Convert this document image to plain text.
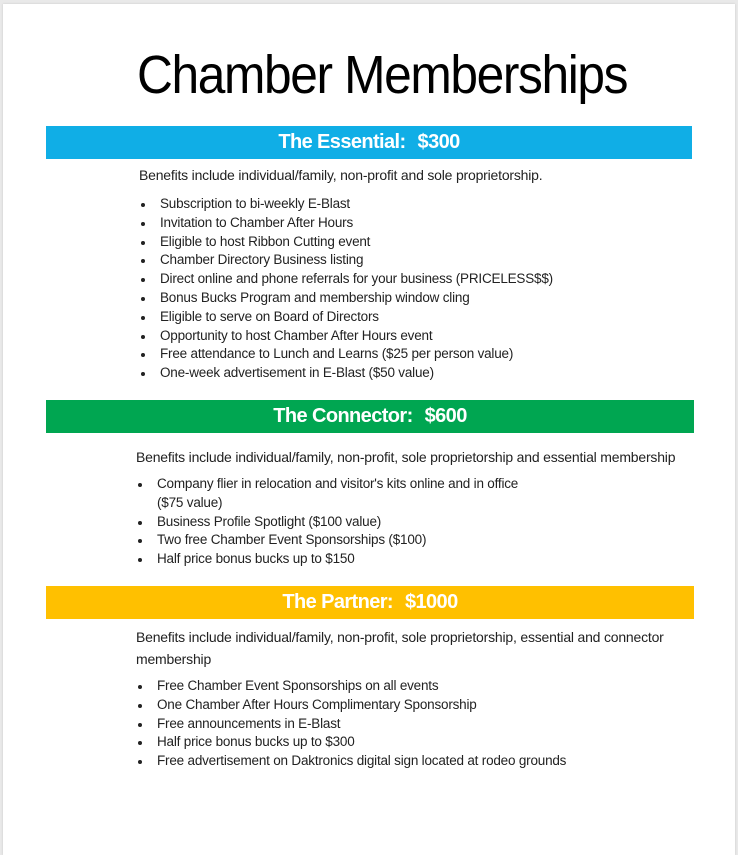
Chamber Memberships
The Essential: $300
Benefits include individual/family, non-profit and sole proprietorship.
Subscription to bi-weekly E-Blast
Invitation to Chamber After Hours
Eligible to host Ribbon Cutting event
Chamber Directory Business listing
Direct online and phone referrals for your business (PRICELESS$$)
Bonus Bucks Program and membership window cling
Eligible to serve on Board of Directors
Opportunity to host Chamber After Hours event
Free attendance to Lunch and Learns ($25 per person value)
One-week advertisement in E-Blast ($50 value)
The Connector: $600
Benefits include individual/family, non-profit, sole proprietorship and essential membership
Company flier in relocation and visitor's kits online and in office ($75 value)
Business Profile Spotlight ($100 value)
Two free Chamber Event Sponsorships ($100)
Half price bonus bucks up to $150
The Partner: $1000
Benefits include individual/family, non-profit, sole proprietorship, essential and connector membership
Free Chamber Event Sponsorships on all events
One Chamber After Hours Complimentary Sponsorship
Free announcements in E-Blast
Half price bonus bucks up to $300
Free advertisement on Daktronics digital sign located at rodeo grounds
